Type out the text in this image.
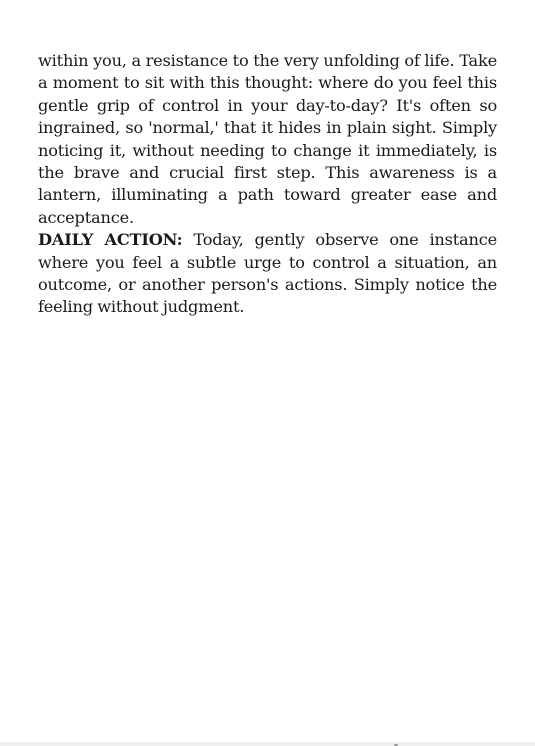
within you, a resistance to the very unfolding of life. Take a moment to sit with this thought: where do you feel this gentle grip of control in your day-to-day? It's often so ingrained, so 'normal,' that it hides in plain sight. Simply noticing it, without needing to change it immediately, is the brave and crucial first step. This awareness is a lantern, illuminating a path toward greater ease and acceptance.

DAILY ACTION: Today, gently observe one instance where you feel a subtle urge to control a situation, an outcome, or another person's actions. Simply notice the feeling without judgment.
